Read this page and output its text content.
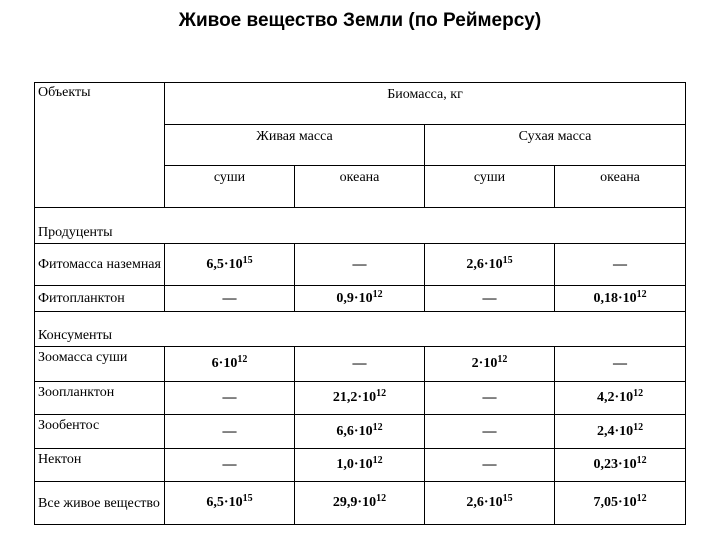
Живое вещество Земли (по Реймерсу)
Объекты	Биомасса, кг			
	Живая масса		Сухая масса	
	суши	океана	суши	океана
Продуценты				
Фитомасса наземная	$6,5\cdot 10^{15}$	—	$2,6\cdot 10^{15}$	—
Фитопланктон	—	$0,9\cdot 10^{12}$	—	$0,18\cdot 10^{12}$
Консументы				
Зоомасса суши	$6\cdot 10^{12}$	—	$2\cdot 10^{12}$	—
Зоопланктон	—	$21,2\cdot 10^{12}$	—	$4,2\cdot 10^{12}$
Зообентос	—	$6,6\cdot 10^{12}$	—	$2,4\cdot 10^{12}$
Нектон	—	$1,0\cdot 10^{12}$	—	$0,23\cdot 10^{12}$
Все живое вещество	$6,5\cdot 10^{15}$	$29,9\cdot 10^{12}$	$2,6\cdot 10^{15}$	$7,05\cdot 10^{12}$
